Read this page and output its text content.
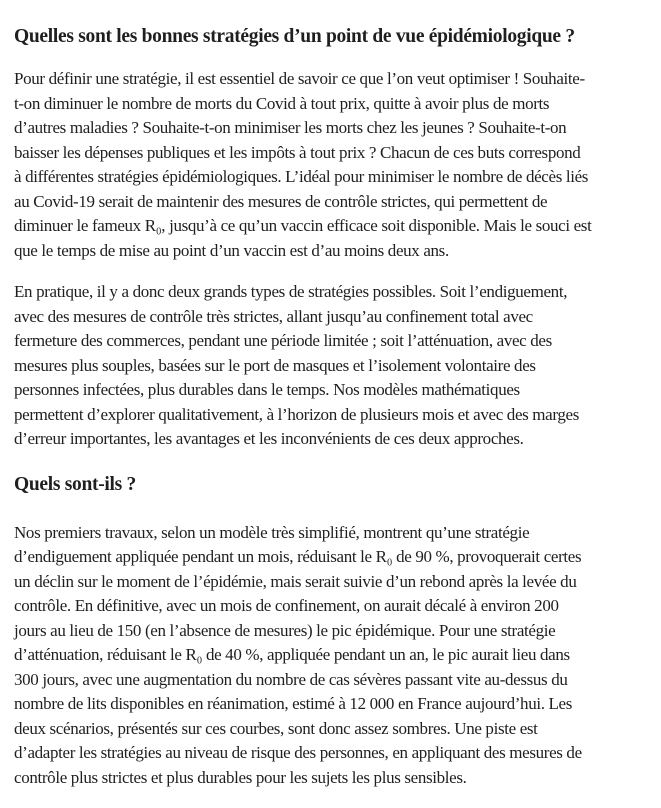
Quelles sont les bonnes stratégies d’un point de vue épidémiologique ?
Pour définir une stratégie, il est essentiel de savoir ce que l’on veut optimiser ! Souhaite-
t-on diminuer le nombre de morts du Covid à tout prix, quitte à avoir plus de morts
d’autres maladies ? Souhaite-t-on minimiser les morts chez les jeunes ? Souhaite-t-on
baisser les dépenses publiques et les impôts à tout prix ? Chacun de ces buts correspond
à différentes stratégies épidémiologiques. L’idéal pour minimiser le nombre de décès liés
au Covid-19 serait de maintenir des mesures de contrôle strictes, qui permettent de
diminuer le fameux R₀, jusqu’à ce qu’un vaccin efficace soit disponible. Mais le souci est
que le temps de mise au point d’un vaccin est d’au moins deux ans.
En pratique, il y a donc deux grands types de stratégies possibles. Soit l’endiguement,
avec des mesures de contrôle très strictes, allant jusqu’au confinement total avec
fermeture des commerces, pendant une période limitée ; soit l’atténuation, avec des
mesures plus souples, basées sur le port de masques et l’isolement volontaire des
personnes infectées, plus durables dans le temps. Nos modèles mathématiques
permettent d’explorer qualitativement, à l’horizon de plusieurs mois et avec des marges
d’erreur importantes, les avantages et les inconvénients de ces deux approches.
Quels sont-ils ?
Nos premiers travaux, selon un modèle très simplifié, montrent qu’une stratégie
d’endiguement appliquée pendant un mois, réduisant le R₀ de 90 %, provoquerait certes
un déclin sur le moment de l’épidémie, mais serait suivie d’un rebond après la levée du
contrôle. En définitive, avec un mois de confinement, on aurait décalé à environ 200
jours au lieu de 150 (en l’absence de mesures) le pic épidémique. Pour une stratégie
d’atténuation, réduisant le R₀ de 40 %, appliquée pendant un an, le pic aurait lieu dans
300 jours, avec une augmentation du nombre de cas sévères passant vite au-dessus du
nombre de lits disponibles en réanimation, estimé à 12 000 en France aujourd’hui. Les
deux scénarios, présentés sur ces courbes, sont donc assez sombres. Une piste est
d’adapter les stratégies au niveau de risque des personnes, en appliquant des mesures de
contrôle plus strictes et plus durables pour les sujets les plus sensibles.
